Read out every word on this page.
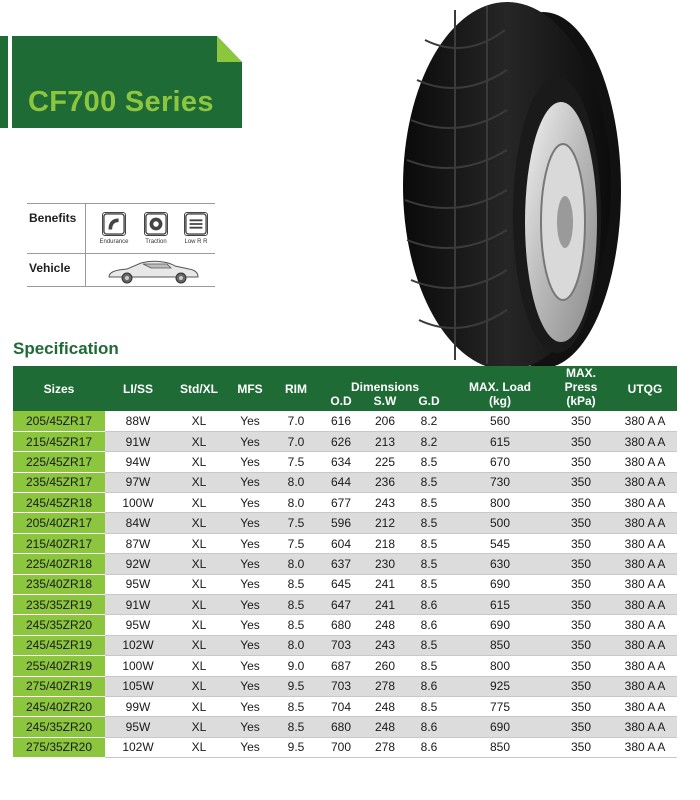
CF700 Series
Benefits
Endurance	Traction	Low R R
Vehicle
Specification
Sizes	LI/SS	Std/XL	MFS	RIM	Dimensions			MAX. Load	MAX. Press	UTQG
					O.D	S.W	G.D	(kg)	(kPa)	
205/45ZR17	88W	XL	Yes	7.0	616	206	8.2	560	350	380 A A
215/45ZR17	91W	XL	Yes	7.0	626	213	8.2	615	350	380 A A
225/45ZR17	94W	XL	Yes	7.5	634	225	8.5	670	350	380 A A
235/45ZR17	97W	XL	Yes	8.0	644	236	8.5	730	350	380 A A
245/45ZR18	100W	XL	Yes	8.0	677	243	8.5	800	350	380 A A
205/40ZR17	84W	XL	Yes	7.5	596	212	8.5	500	350	380 A A
215/40ZR17	87W	XL	Yes	7.5	604	218	8.5	545	350	380 A A
225/40ZR18	92W	XL	Yes	8.0	637	230	8.5	630	350	380 A A
235/40ZR18	95W	XL	Yes	8.5	645	241	8.5	690	350	380 A A
235/35ZR19	91W	XL	Yes	8.5	647	241	8.6	615	350	380 A A
245/35ZR20	95W	XL	Yes	8.5	680	248	8.6	690	350	380 A A
245/45ZR19	102W	XL	Yes	8.0	703	243	8.5	850	350	380 A A
255/40ZR19	100W	XL	Yes	9.0	687	260	8.5	800	350	380 A A
275/40ZR19	105W	XL	Yes	9.5	703	278	8.6	925	350	380 A A
245/40ZR20	99W	XL	Yes	8.5	704	248	8.5	775	350	380 A A
245/35ZR20	95W	XL	Yes	8.5	680	248	8.6	690	350	380 A A
275/35ZR20	102W	XL	Yes	9.5	700	278	8.6	850	350	380 A A
